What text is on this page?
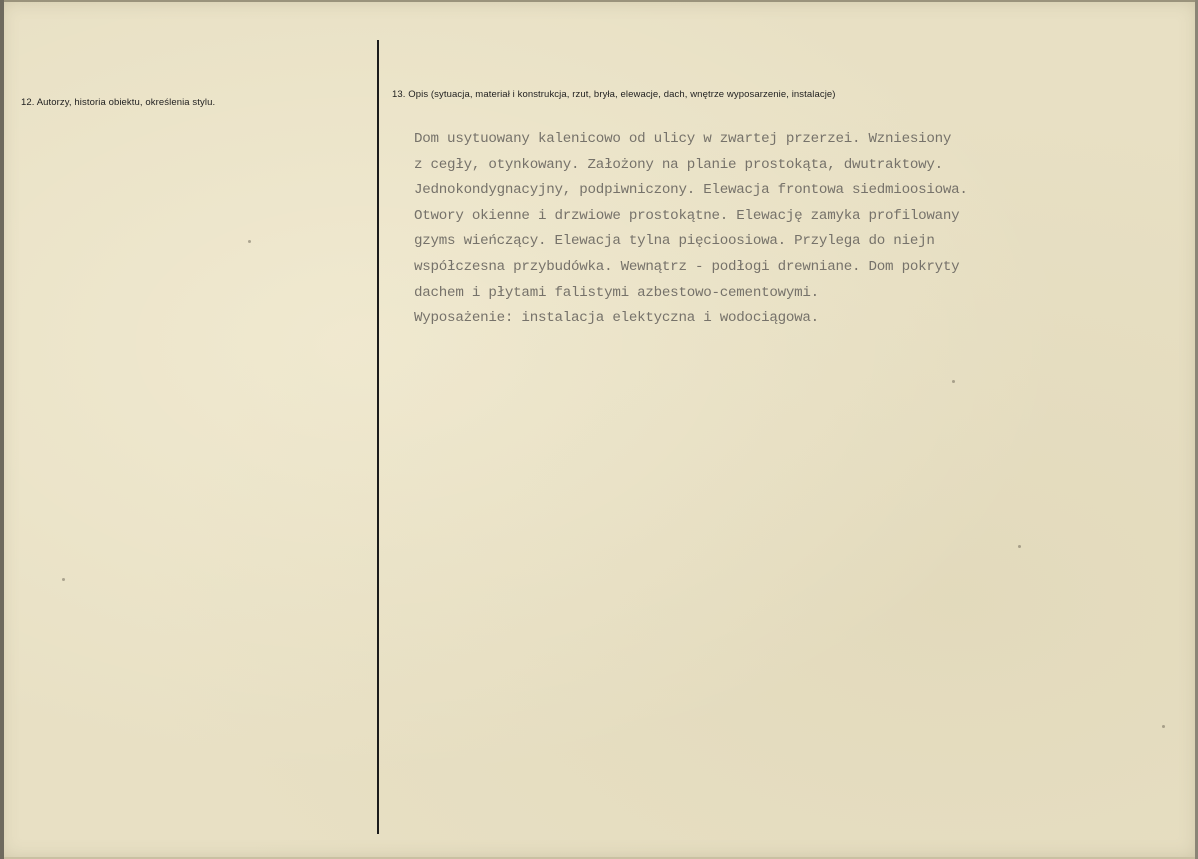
12. Autorzy, historia obiektu, określenia stylu.
13. Opis (sytuacja, materiał i konstrukcja, rzut, bryła, elewacje, dach, wnętrze wyposarzenie, instalacje)
Dom usytuowany kalenicowo od ulicy w zwartej przerzei. Wzniesiony
z cegły, otynkowany. Założony na planie prostokąta, dwutraktowy.
Jednokondygnacyjny, podpiwniczony. Elewacja frontowa siedmioosiowa.
Otwory okienne i drzwiowe prostokątne. Elewację zamyka profilowany
gzyms wieńczący. Elewacja tylna pięcioosiowa. Przylega do niejn
współczesna przybudówka. Wewnątrz - podłogi drewniane. Dom pokryty
dachem i płytami falistymi azbestowo-cementowymi.
Wyposażenie: instalacja elektyczna i wodociągowa.
